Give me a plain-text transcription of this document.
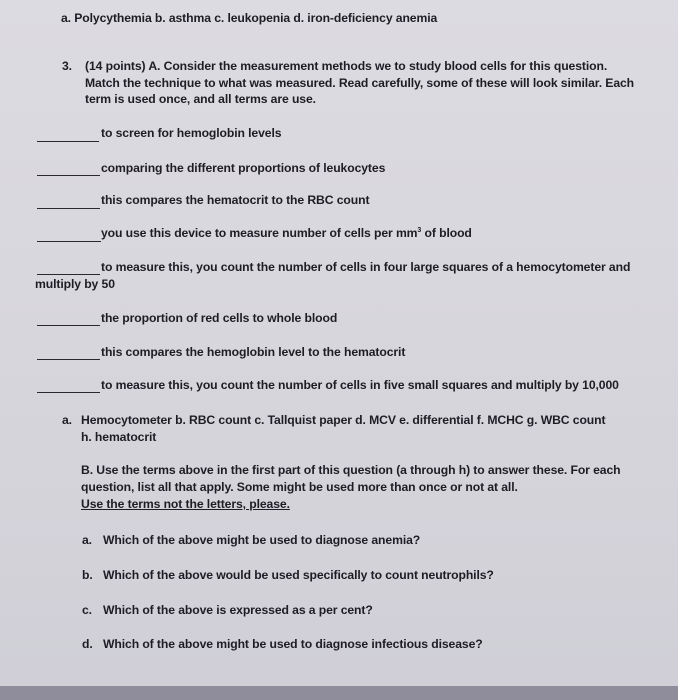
a. Polycythemia b. asthma c. leukopenia d. iron-deficiency anemia
3. (14 points) A. Consider the measurement methods we to study blood cells for this question.
Match the technique to what was measured. Read carefully, some of these will look similar. Each
term is used once, and all terms are use.
to screen for hemoglobin levels
comparing the different proportions of leukocytes
this compares the hematocrit to the RBC count
you use this device to measure number of cells per $mm^3$ of blood
to measure this, you count the number of cells in four large squares of a hemocytometer and
multiply by 50
the proportion of red cells to whole blood
this compares the hemoglobin level to the hematocrit
to measure this, you count the number of cells in five small squares and multiply by 10,000
a. Hemocytometer b. RBC count c. Tallquist paper d. MCV e. differential f. MCHC g. WBC count
h. hematocrit
B. Use the terms above in the first part of this question (a through h) to answer these. For each
question, list all that apply. Some might be used more than once or not at all.
Use the terms not the letters, please.
a. Which of the above might be used to diagnose anemia?
b. Which of the above would be used specifically to count neutrophils?
c. Which of the above is expressed as a per cent?
d. Which of the above might be used to diagnose infectious disease?
